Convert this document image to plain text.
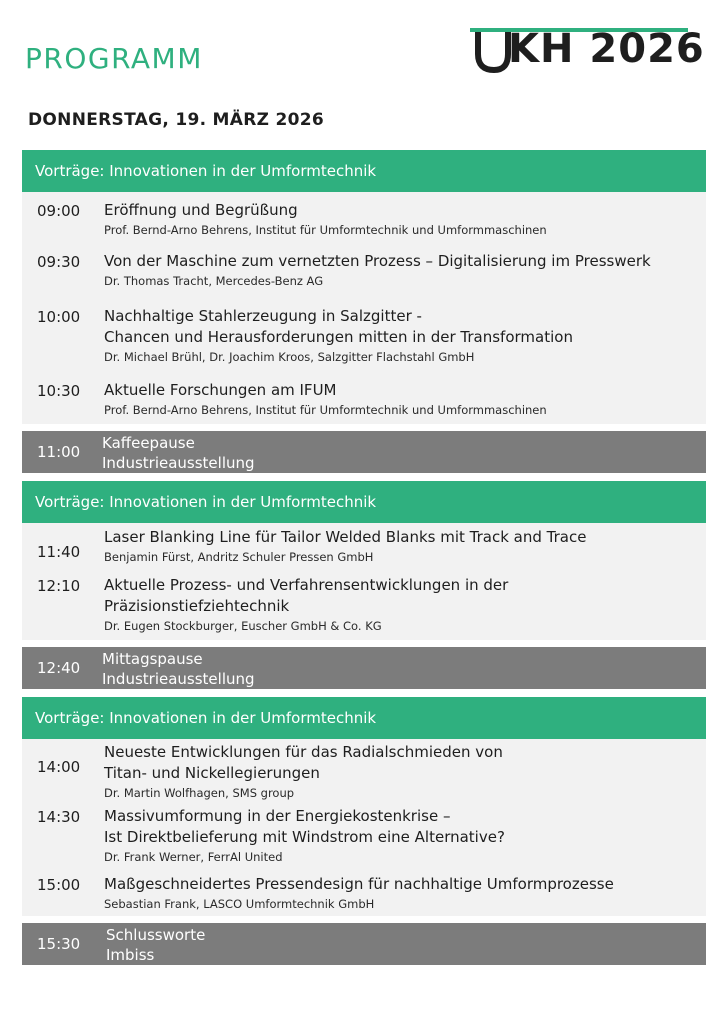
PROGRAMM	KH 2026
DONNERSTAG, 19. MÄRZ 2026
Vorträge: Innovationen in der Umformtechnik
09:00 Eröffnung und Begrüßung
Prof. Bernd-Arno Behrens, Institut für Umformtechnik und Umformmaschinen
09:30 Von der Maschine zum vernetzten Prozess – Digitalisierung im Presswerk
Dr. Thomas Tracht, Mercedes-Benz AG
10:00 Nachhaltige Stahlerzeugung in Salzgitter -
Chancen und Herausforderungen mitten in der Transformation
Dr. Michael Brühl, Dr. Joachim Kroos, Salzgitter Flachstahl GmbH
10:30 Aktuelle Forschungen am IFUM
Prof. Bernd-Arno Behrens, Institut für Umformtechnik und Umformmaschinen
11:00 Kaffeepause
Industrieausstellung
Vorträge: Innovationen in der Umformtechnik
11:40
Laser Blanking Line für Tailor Welded Blanks mit Track and Trace
Benjamin Fürst, Andritz Schuler Pressen GmbH
12:10 Aktuelle Prozess- und Verfahrensentwicklungen in der
Präzisionstiefziehtechnik
Dr. Eugen Stockburger, Euscher GmbH & Co. KG
12:40 Mittagspause
Industrieausstellung
Vorträge: Innovationen in der Umformtechnik
14:00
Neueste Entwicklungen für das Radialschmieden von
Titan- und Nickellegierungen
Dr. Martin Wolfhagen, SMS group
14:30 Massivumformung in der Energiekostenkrise –
Ist Direktbelieferung mit Windstrom eine Alternative?
Dr. Frank Werner, FerrAl United
15:00 Maßgeschneidertes Pressendesign für nachhaltige Umformprozesse
Sebastian Frank, LASCO Umformtechnik GmbH
15:30 Schlussworte
Imbiss
